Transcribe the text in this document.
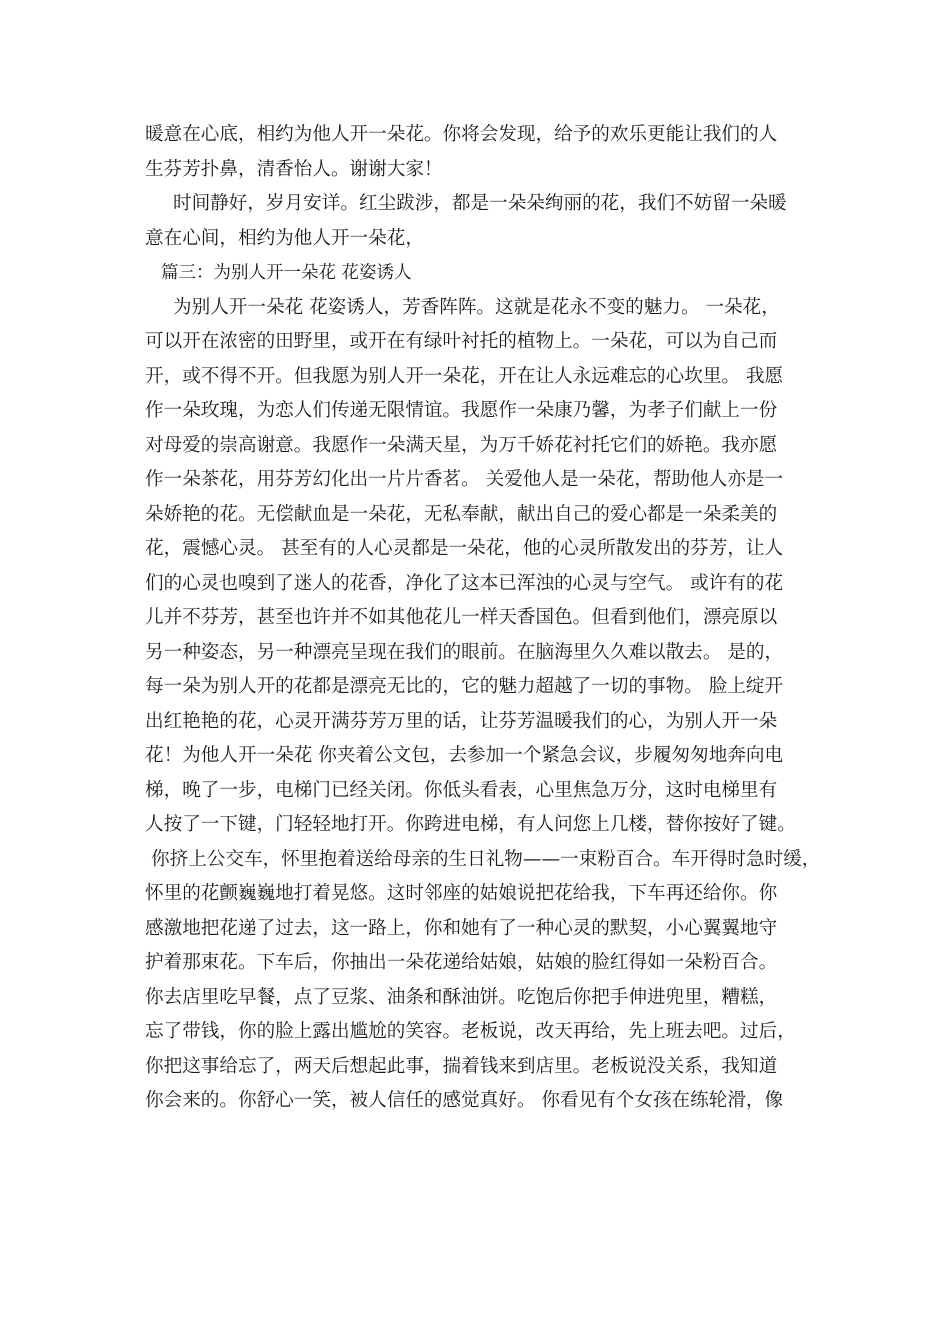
暖意在心底，相约为他人开一朵花。你将会发现，给予的欢乐更能让我们的人
生芬芳扑鼻，清香怡人。谢谢大家！
时间静好，岁月安详。红尘跋涉，都是一朵朵绚丽的花，我们不妨留一朵暖
意在心间，相约为他人开一朵花，
篇三：为别人开一朵花 花姿诱人
为别人开一朵花 花姿诱人，芳香阵阵。这就是花永不变的魅力。 一朵花，
可以开在浓密的田野里，或开在有绿叶衬托的植物上。一朵花，可以为自己而
开，或不得不开。但我愿为别人开一朵花，开在让人永远难忘的心坎里。 我愿
作一朵玫瑰，为恋人们传递无限情谊。我愿作一朵康乃馨，为孝子们献上一份
对母爱的崇高谢意。我愿作一朵满天星，为万千娇花衬托它们的娇艳。我亦愿
作一朵茶花，用芬芳幻化出一片片香茗。 关爱他人是一朵花，帮助他人亦是一
朵娇艳的花。无偿献血是一朵花，无私奉献，献出自己的爱心都是一朵柔美的
花，震憾心灵。 甚至有的人心灵都是一朵花，他的心灵所散发出的芬芳，让人
们的心灵也嗅到了迷人的花香，净化了这本已浑浊的心灵与空气。 或许有的花
儿并不芬芳，甚至也许并不如其他花儿一样天香国色。但看到他们，漂亮原以
另一种姿态，另一种漂亮呈现在我们的眼前。在脑海里久久难以散去。 是的，
每一朵为别人开的花都是漂亮无比的，它的魅力超越了一切的事物。 脸上绽开
出红艳艳的花，心灵开满芬芳万里的话，让芬芳温暖我们的心，为别人开一朵
花！为他人开一朵花 你夹着公文包，去参加一个紧急会议，步履匆匆地奔向电
梯，晚了一步，电梯门已经关闭。你低头看表，心里焦急万分，这时电梯里有
人按了一下键，门轻轻地打开。你跨进电梯，有人问您上几楼，替你按好了键。
你挤上公交车，怀里抱着送给母亲的生日礼物——一束粉百合。车开得时急时缓，
怀里的花颤巍巍地打着晃悠。这时邻座的姑娘说把花给我，下车再还给你。你
感激地把花递了过去，这一路上，你和她有了一种心灵的默契，小心翼翼地守
护着那束花。下车后，你抽出一朵花递给姑娘，姑娘的脸红得如一朵粉百合。
你去店里吃早餐，点了豆浆、油条和酥油饼。吃饱后你把手伸进兜里，糟糕，
忘了带钱，你的脸上露出尴尬的笑容。老板说，改天再给，先上班去吧。过后，
你把这事给忘了，两天后想起此事，揣着钱来到店里。老板说没关系，我知道
你会来的。你舒心一笑，被人信任的感觉真好。 你看见有个女孩在练轮滑，像
